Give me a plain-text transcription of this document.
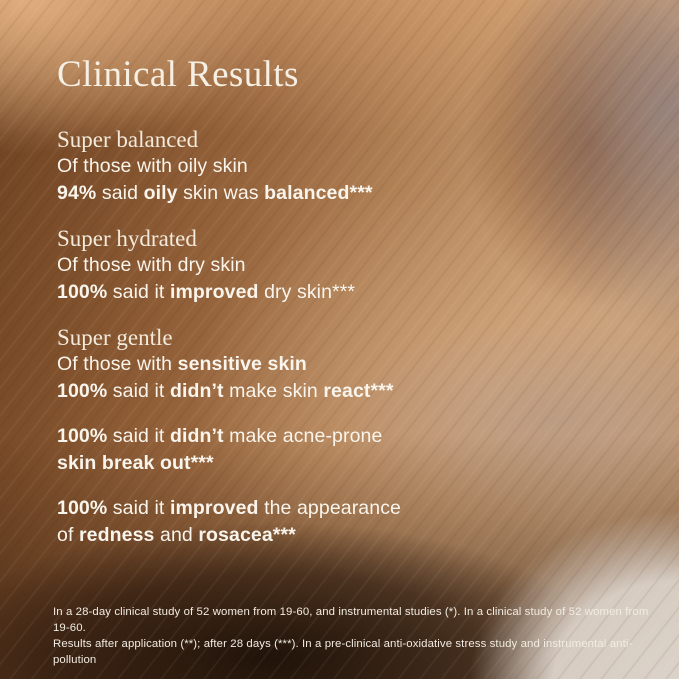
Clinical Results
Super balanced
Of those with oily skin
94% said oily skin was balanced***
Super hydrated
Of those with dry skin
100% said it improved dry skin***
Super gentle
Of those with sensitive skin
100% said it didn’t make skin react***
100% said it didn’t make acne-prone
skin break out***
100% said it improved the appearance
of redness and rosacea***
In a 28-day clinical study of 52 women from 19-60, and instrumental studies (*). In a clinical study of 52 women from 19-60.
Results after application (**); after 28 days (***). In a pre-clinical anti-oxidative stress study and instrumental anti-pollution
